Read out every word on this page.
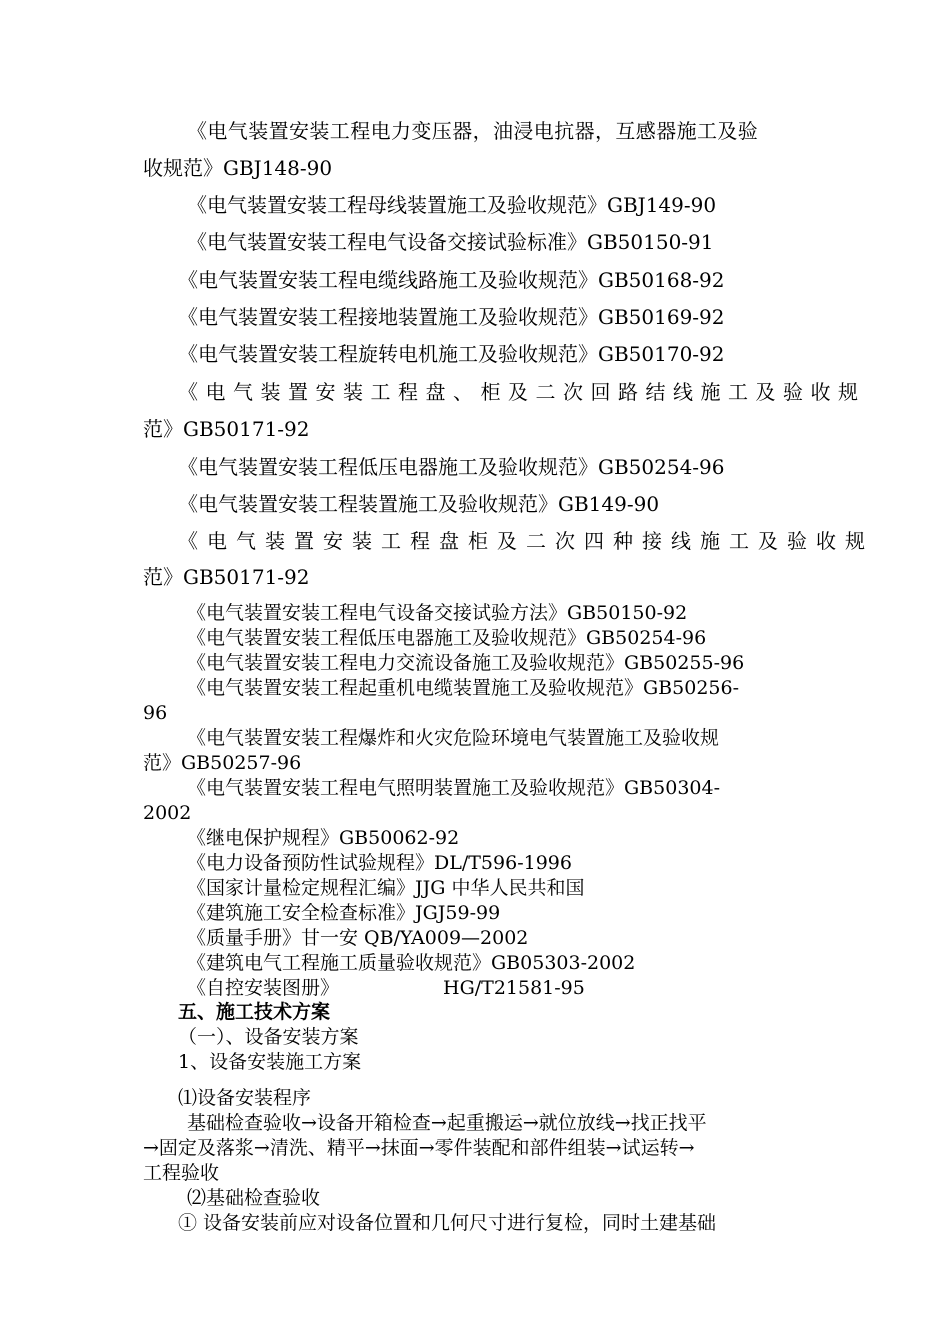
《电气装置安装工程电力变压器，油浸电抗器，互感器施工及验
收规范》GBJ148-90
《电气装置安装工程母线装置施工及验收规范》GBJ149-90
《电气装置安装工程电气设备交接试验标准》GB50150-91
《电气装置安装工程电缆线路施工及验收规范》GB50168-92
《电气装置安装工程接地装置施工及验收规范》GB50169-92
《电气装置安装工程旋转电机施工及验收规范》GB50170-92
《电气装置安装工程盘、柜及二次回路结线施工及验收规
范》GB50171-92
《电气装置安装工程低压电器施工及验收规范》GB50254-96
《电气装置安装工程装置施工及验收规范》GB149-90
《电气装置安装工程盘柜及二次四种接线施工及验收规
范》GB50171-92
《电气装置安装工程电气设备交接试验方法》GB50150-92
《电气装置安装工程低压电器施工及验收规范》GB50254-96
《电气装置安装工程电力交流设备施工及验收规范》GB50255-96
《电气装置安装工程起重机电缆装置施工及验收规范》GB50256-
96
《电气装置安装工程爆炸和火灾危险环境电气装置施工及验收规
范》GB50257-96
《电气装置安装工程电气照明装置施工及验收规范》GB50304-
2002
《继电保护规程》GB50062-92
《电力设备预防性试验规程》DL/T596-1996
《国家计量检定规程汇编》JJG 中华人民共和国
《建筑施工安全检查标准》JGJ59-99
《质量手册》甘一安 QB/YA009—2002
《建筑电气工程施工质量验收规范》GB05303-2002
《自控安装图册》	HG/T21581-95
五、施工技术方案
（一）、设备安装方案
1、设备安装施工方案
⑴设备安装程序
基础检查验收→设备开箱检查→起重搬运→就位放线→找正找平
→固定及落浆→清洗、精平→抹面→零件装配和部件组装→试运转→
工程验收
⑵基础检查验收
① 设备安装前应对设备位置和几何尺寸进行复检，同时土建基础
